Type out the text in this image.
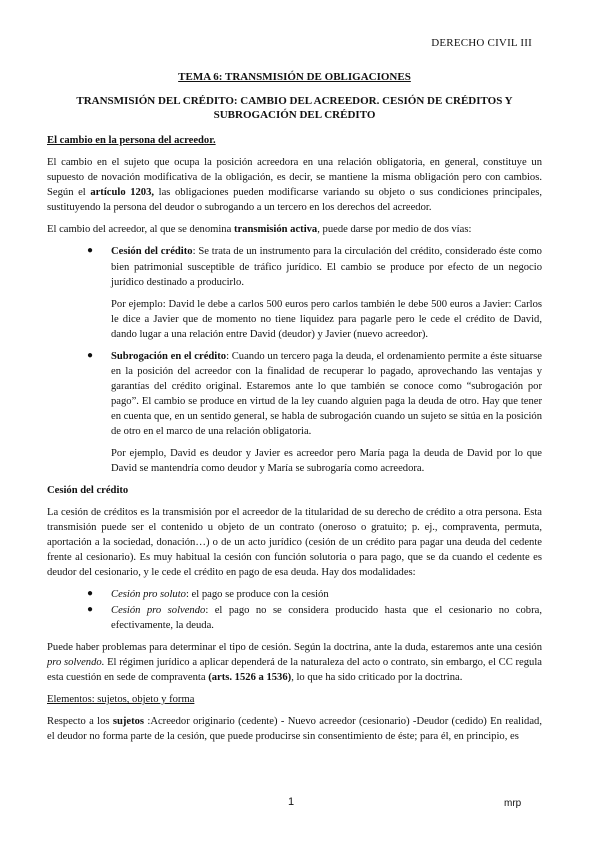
DERECHO CIVIL III
TEMA 6: TRANSMISIÓN DE OBLIGACIONES
TRANSMISIÓN DEL CRÉDITO: CAMBIO DEL ACREEDOR. CESIÓN DE CRÉDITOS Y
SUBROGACIÓN DEL CRÉDITO
El cambio en la persona del acreedor.

El cambio en el sujeto que ocupa la posición acreedora en una relación obligatoria, en general, constituye un supuesto de novación modificativa de la obligación, es decir, se mantiene la misma obligación pero con cambios. Según el artículo 1203, las obligaciones pueden modificarse variando su objeto o sus condiciones principales, sustituyendo la persona del deudor o subrogando a un tercero en los derechos del acreedor.

El cambio del acreedor, al que se denomina transmisión activa, puede darse por medio de dos vías:

● Cesión del crédito: Se trata de un instrumento para la circulación del crédito, considerado éste como bien patrimonial susceptible de tráfico jurídico. El cambio se produce por efecto de un negocio jurídico destinado a producirlo.

Por ejemplo: David le debe a carlos 500 euros pero carlos también le debe 500 euros a Javier: Carlos le dice a Javier que de momento no tiene liquidez para pagarle pero le cede el crédito de David, dando lugar a una relación entre David (deudor) y Javier (nuevo acreedor).

● Subrogación en el crédito: Cuando un tercero paga la deuda, el ordenamiento permite a éste situarse en la posición del acreedor con la finalidad de recuperar lo pagado, aprovechando las ventajas y garantías del crédito original. Estaremos ante lo que también se conoce como “subrogación por pago”. El cambio se produce en virtud de la ley cuando alguien paga la deuda de otro. Hay que tener en cuenta que, en un sentido general, se habla de subrogación cuando un sujeto se sitúa en la posición de otro en el marco de una relación obligatoria.

Por ejemplo, David es deudor y Javier es acreedor pero María paga la deuda de David por lo que David se mantendría como deudor y María se subrogaría como acreedora.

Cesión del crédito

La cesión de créditos es la transmisión por el acreedor de la titularidad de su derecho de crédito a otra persona. Esta transmisión puede ser el contenido u objeto de un contrato (oneroso o gratuito; p. ej., compraventa, permuta, aportación a la sociedad, donación…) o de un acto jurídico (cesión de un crédito para pagar una deuda del cedente frente al cesionario). Es muy habitual la cesión con función solutoria o para pago, que se da cuando el cedente es deudor del cesionario, y le cede el crédito en pago de esa deuda. Hay dos modalidades:

● Cesión pro soluto: el pago se produce con la cesión
● Cesión pro solvendo: el pago no se considera producido hasta que el cesionario no cobra, efectivamente, la deuda.

Puede haber problemas para determinar el tipo de cesión. Según la doctrina, ante la duda, estaremos ante una cesión pro solvendo. El régimen jurídico a aplicar dependerá de la naturaleza del acto o contrato, sin embargo, el CC regula esta cuestión en sede de compraventa (arts. 1526 a 1536), lo que ha sido criticado por la doctrina.

Elementos: sujetos, objeto y forma

Respecto a los sujetos :Acreedor originario (cedente) - Nuevo acreedor (cesionario) -Deudor (cedido) En realidad, el deudor no forma parte de la cesión, que puede producirse sin consentimiento de éste; para él, en principio, es

1	mrp
